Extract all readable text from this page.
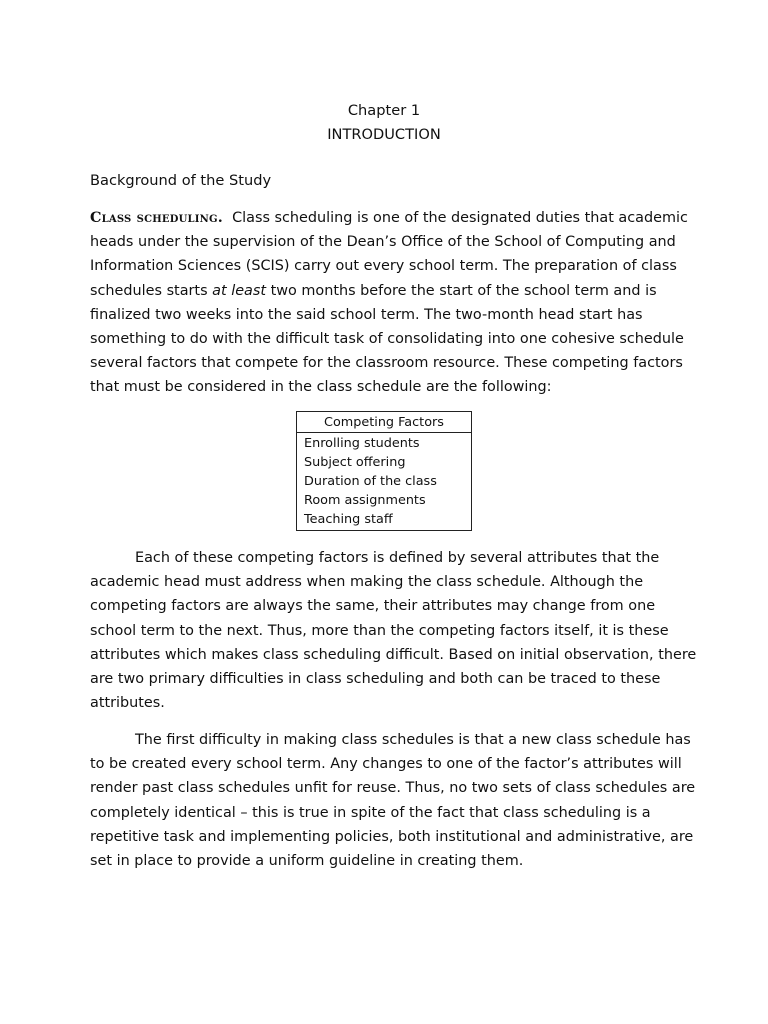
Chapter 1
INTRODUCTION
Background of the Study

Class scheduling. Class scheduling is one of the designated duties that academic
heads under the supervision of the Dean’s Office of the School of Computing and
Information Sciences (SCIS) carry out every school term. The preparation of class
schedules starts at least two months before the start of the school term and is
finalized two weeks into the said school term. The two-month head start has
something to do with the difficult task of consolidating into one cohesive schedule
several factors that compete for the classroom resource. These competing factors
that must be considered in the class schedule are the following:

Competing Factors
Enrolling students
Subject offering
Duration of the class
Room assignments
Teaching staff

Each of these competing factors is defined by several attributes that the
academic head must address when making the class schedule. Although the
competing factors are always the same, their attributes may change from one
school term to the next. Thus, more than the competing factors itself, it is these
attributes which makes class scheduling difficult. Based on initial observation, there
are two primary difficulties in class scheduling and both can be traced to these
attributes.

The first difficulty in making class schedules is that a new class schedule has
to be created every school term. Any changes to one of the factor’s attributes will
render past class schedules unfit for reuse. Thus, no two sets of class schedules are
completely identical – this is true in spite of the fact that class scheduling is a
repetitive task and implementing policies, both institutional and administrative, are
set in place to provide a uniform guideline in creating them.
